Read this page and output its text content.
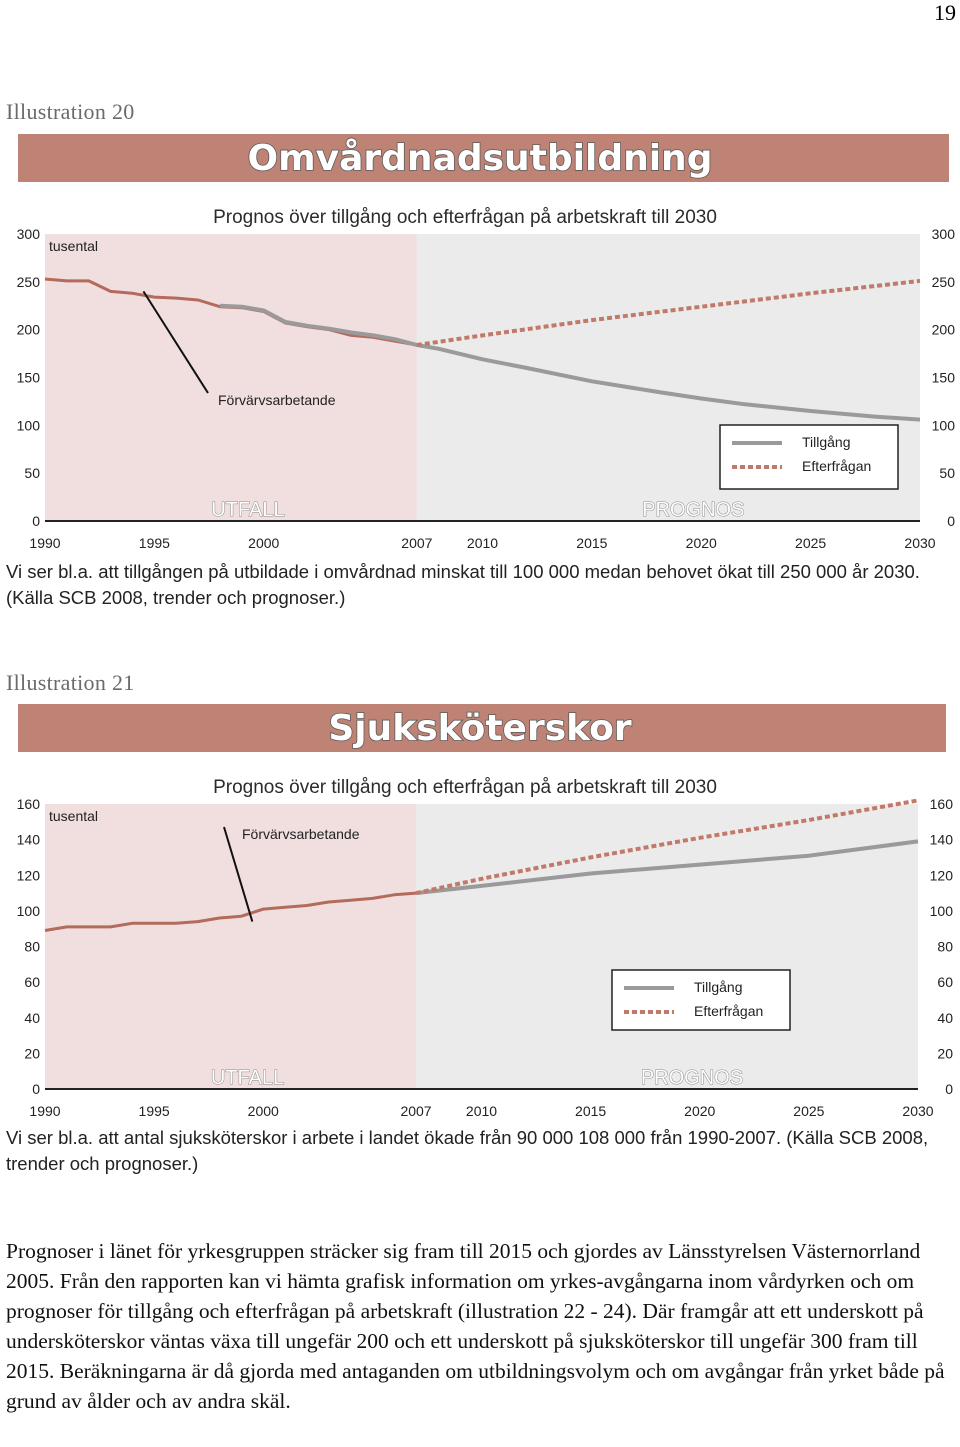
19
Illustration 20
Omvårdnadsutbildning
Prognos över tillgång och efterfrågan på arbetskraft till 2030
UTFALL	PROGNOS
0	0
50	50
100	100
150	150
200	200
250	250
300	300
1990	1995	2000	2007 2010	2015	2020	2025	2030
tusental
Förvärvsarbetande
Tillgång
Efterfrågan
Vi ser bl.a. att tillgången på utbildade i omvårdnad minskat till 100 000 medan behovet ökat till 250 000 år 2030. (Källa SCB 2008, trender och prognoser.)
Illustration 21
Sjuksköterskor
Prognos över tillgång och efterfrågan på arbetskraft till 2030
UTFALL	PROGNOS
0	0
20	20
40	40
60	60
80	80
100	100
120	120
140	140
160	160
1990	1995	2000	2007 2010	2015	2020	2025	2030
tusental
Förvärvsarbetande
Tillgång
Efterfrågan
Vi ser bl.a. att antal sjuksköterskor i arbete i landet ökade från 90 000 108 000 från 1990-2007. (Källa SCB 2008, trender och prognoser.)

Prognoser i länet för yrkesgruppen sträcker sig fram till 2015 och gjordes av Länsstyrelsen Västernorrland 2005. Från den rapporten kan vi hämta grafisk information om yrkes-avgångarna inom vårdyrken och om prognoser för tillgång och efterfrågan på arbetskraft (illustration 22 - 24). Där framgår att ett underskott på undersköterskor väntas växa till ungefär 200 och ett underskott på sjuksköterskor till ungefär 300 fram till 2015. Beräkningarna är då gjorda med antaganden om utbildningsvolym och om avgångar från yrket både på grund av ålder och av andra skäl.
